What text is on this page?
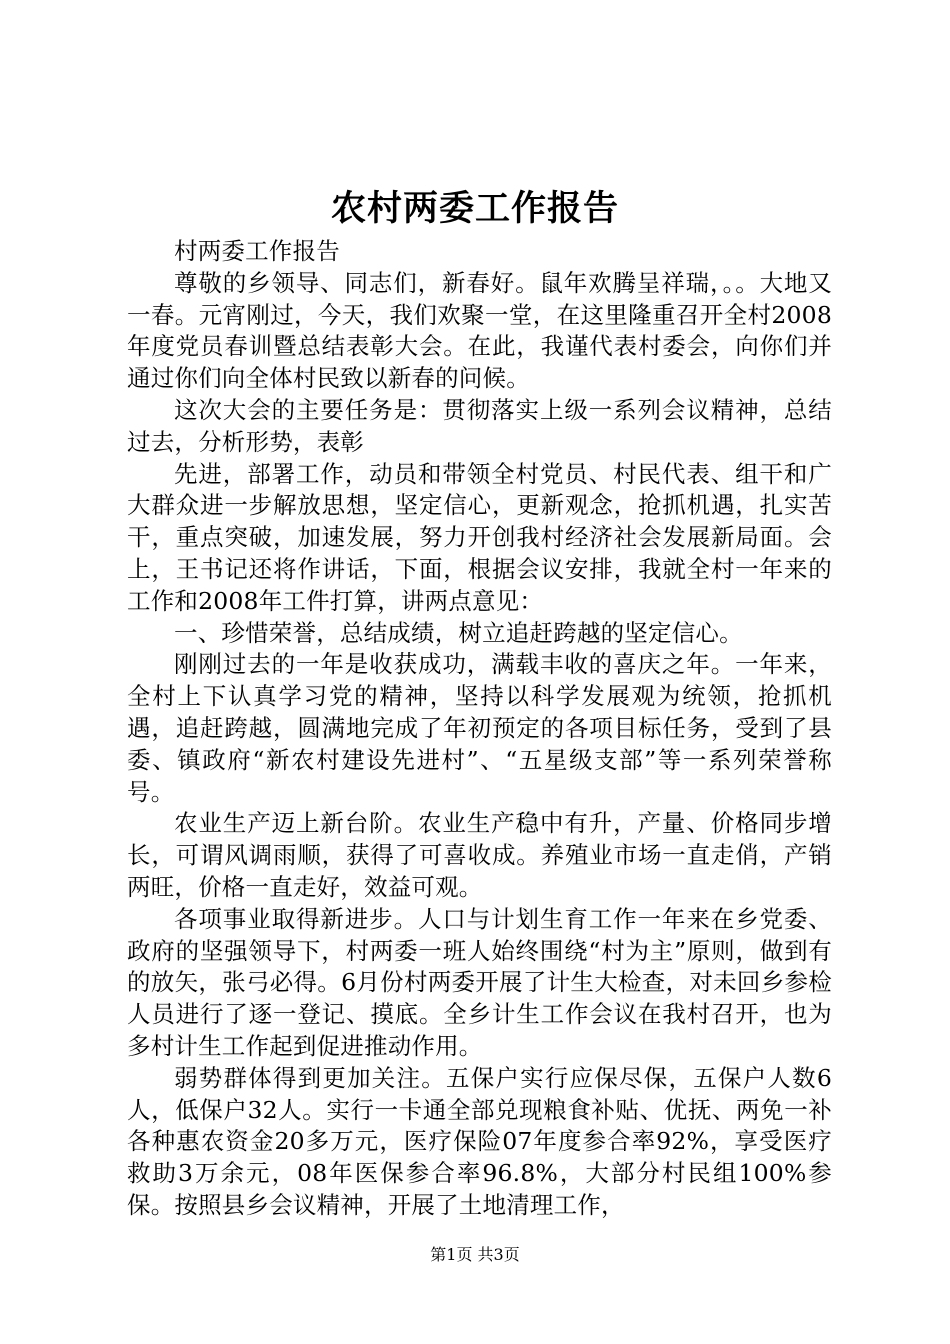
农村两委工作报告

村两委工作报告

尊敬的乡领导、同志们，新春好。鼠年欢腾呈祥瑞，。。大地又一春。元宵刚过，今天，我们欢聚一堂，在这里隆重召开全村2008年度党员春训暨总结表彰大会。在此，我谨代表村委会，向你们并通过你们向全体村民致以新春的问候。

这次大会的主要任务是：贯彻落实上级一系列会议精神，总结过去，分析形势，表彰

先进，部署工作，动员和带领全村党员、村民代表、组干和广大群众进一步解放思想，坚定信心，更新观念，抢抓机遇，扎实苦干，重点突破，加速发展，努力开创我村经济社会发展新局面。会上，王书记还将作讲话，下面，根据会议安排，我就全村一年来的工作和2008年工件打算，讲两点意见：

一、珍惜荣誉，总结成绩，树立追赶跨越的坚定信心。

刚刚过去的一年是收获成功，满载丰收的喜庆之年。一年来，全村上下认真学习党的精神，坚持以科学发展观为统领，抢抓机遇，追赶跨越，圆满地完成了年初预定的各项目标任务，受到了县委、镇政府“新农村建设先进村”、“五星级支部”等一系列荣誉称号。

农业生产迈上新台阶。农业生产稳中有升，产量、价格同步增长，可谓风调雨顺，获得了可喜收成。养殖业市场一直走俏，产销两旺，价格一直走好，效益可观。

各项事业取得新进步。人口与计划生育工作一年来在乡党委、政府的坚强领导下，村两委一班人始终围绕“村为主”原则，做到有的放矢，张弓必得。6月份村两委开展了计生大检查，对未回乡参检人员进行了逐一登记、摸底。全乡计生工作会议在我村召开，也为多村计生工作起到促进推动作用。

弱势群体得到更加关注。五保户实行应保尽保，五保户人数6人，低保户32人。实行一卡通全部兑现粮食补贴、优抚、两免一补各种惠农资金20多万元，医疗保险07年度参合率92%，享受医疗救助3万余元，08年医保参合率96.8%，大部分村民组100%参保。按照县乡会议精神，开展了土地清理工作，

第1页 共3页
